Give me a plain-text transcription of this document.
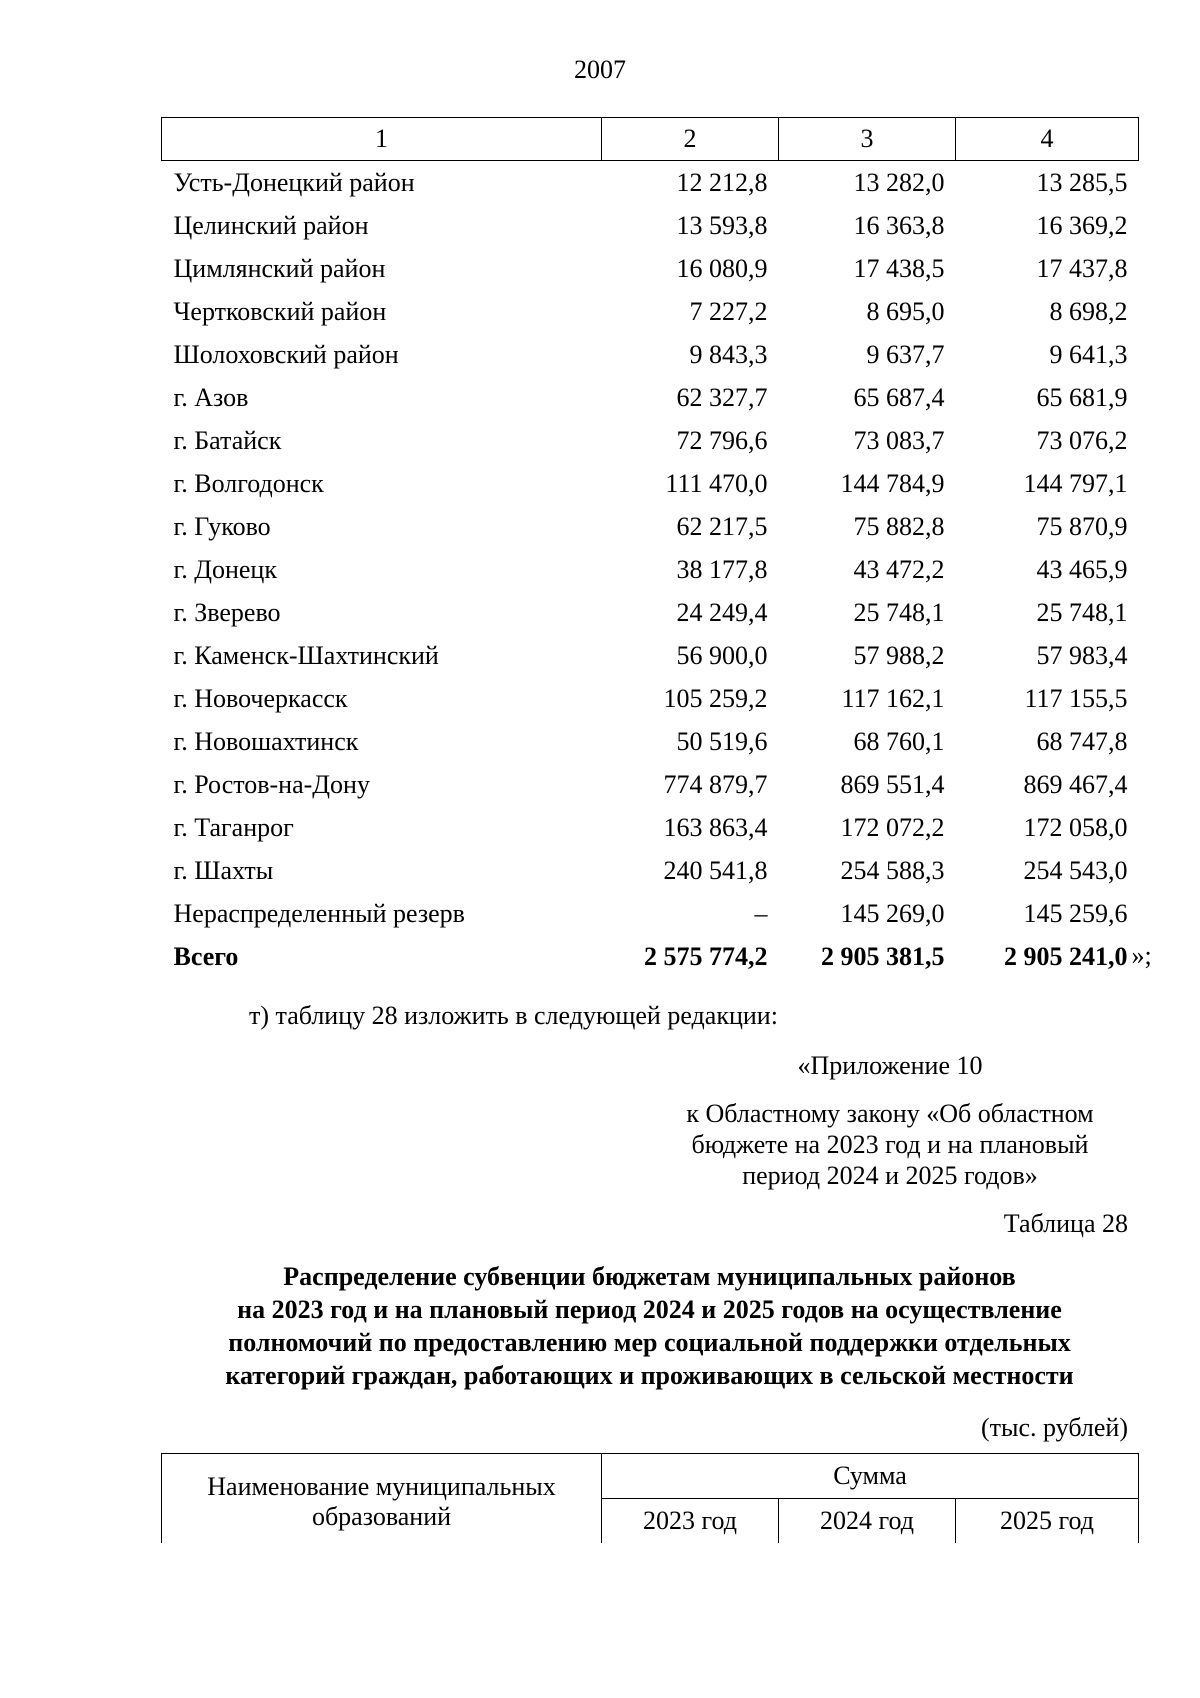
2007
1	2	3	4
Усть-Донецкий район	12 212,8	13 282,0	13 285,5
Целинский район	13 593,8	16 363,8	16 369,2
Цимлянский район	16 080,9	17 438,5	17 437,8
Чертковский район	7 227,2	8 695,0	8 698,2
Шолоховский район	9 843,3	9 637,7	9 641,3
г. Азов	62 327,7	65 687,4	65 681,9
г. Батайск	72 796,6	73 083,7	73 076,2
г. Волгодонск	111 470,0	144 784,9	144 797,1
г. Гуково	62 217,5	75 882,8	75 870,9
г. Донецк	38 177,8	43 472,2	43 465,9
г. Зверево	24 249,4	25 748,1	25 748,1
г. Каменск-Шахтинский	56 900,0	57 988,2	57 983,4
г. Новочеркасск	105 259,2	117 162,1	117 155,5
г. Новошахтинск	50 519,6	68 760,1	68 747,8
г. Ростов-на-Дону	774 879,7	869 551,4	869 467,4
г. Таганрог	163 863,4	172 072,2	172 058,0
г. Шахты	240 541,8	254 588,3	254 543,0
Нераспределенный резерв	–	145 269,0	145 259,6
Всего	2 575 774,2	2 905 381,5	2 905 241,0 »;
т) таблицу 28 изложить в следующей редакции:
«Приложение 10
к Областному закону «Об областном
бюджете на 2023 год и на плановый
период 2024 и 2025 годов»
Таблица 28
Распределение субвенции бюджетам муниципальных районов
на 2023 год и на плановый период 2024 и 2025 годов на осуществление
полномочий по предоставлению мер социальной поддержки отдельных
категорий граждан, работающих и проживающих в сельской местности
(тыс. рублей)
Наименование муниципальных
образований	Сумма		
	2023 год	2024 год	2025 год
